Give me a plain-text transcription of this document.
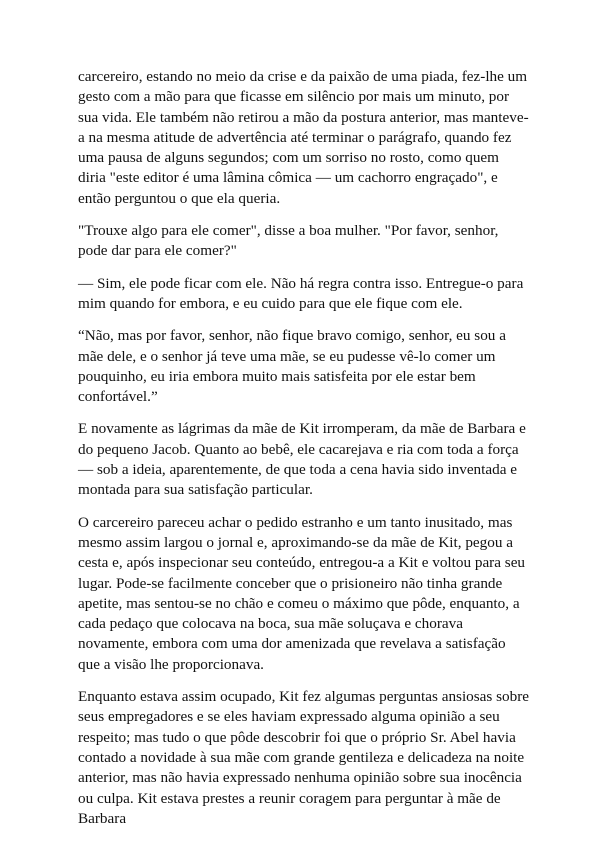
carcereiro, estando no meio da crise e da paixão de uma piada, fez-lhe um gesto com a mão para que ficasse em silêncio por mais um minuto, por sua vida. Ele também não retirou a mão da postura anterior, mas manteve-a na mesma atitude de advertência até terminar o parágrafo, quando fez uma pausa de alguns segundos; com um sorriso no rosto, como quem diria "este editor é uma lâmina cômica — um cachorro engraçado", e então perguntou o que ela queria.

"Trouxe algo para ele comer", disse a boa mulher. "Por favor, senhor, pode dar para ele comer?"

— Sim, ele pode ficar com ele. Não há regra contra isso. Entregue-o para mim quando for embora, e eu cuido para que ele fique com ele.

“Não, mas por favor, senhor, não fique bravo comigo, senhor, eu sou a mãe dele, e o senhor já teve uma mãe, se eu pudesse vê-lo comer um pouquinho, eu iria embora muito mais satisfeita por ele estar bem confortável.”

E novamente as lágrimas da mãe de Kit irromperam, da mãe de Barbara e do pequeno Jacob. Quanto ao bebê, ele cacarejava e ria com toda a força — sob a ideia, aparentemente, de que toda a cena havia sido inventada e montada para sua satisfação particular.

O carcereiro pareceu achar o pedido estranho e um tanto inusitado, mas mesmo assim largou o jornal e, aproximando-se da mãe de Kit, pegou a cesta e, após inspecionar seu conteúdo, entregou-a a Kit e voltou para seu lugar. Pode-se facilmente conceber que o prisioneiro não tinha grande apetite, mas sentou-se no chão e comeu o máximo que pôde, enquanto, a cada pedaço que colocava na boca, sua mãe soluçava e chorava novamente, embora com uma dor amenizada que revelava a satisfação que a visão lhe proporcionava.

Enquanto estava assim ocupado, Kit fez algumas perguntas ansiosas sobre seus empregadores e se eles haviam expressado alguma opinião a seu respeito; mas tudo o que pôde descobrir foi que o próprio Sr. Abel havia contado a novidade à sua mãe com grande gentileza e delicadeza na noite anterior, mas não havia expressado nenhuma opinião sobre sua inocência ou culpa. Kit estava prestes a reunir coragem para perguntar à mãe de Barbara
